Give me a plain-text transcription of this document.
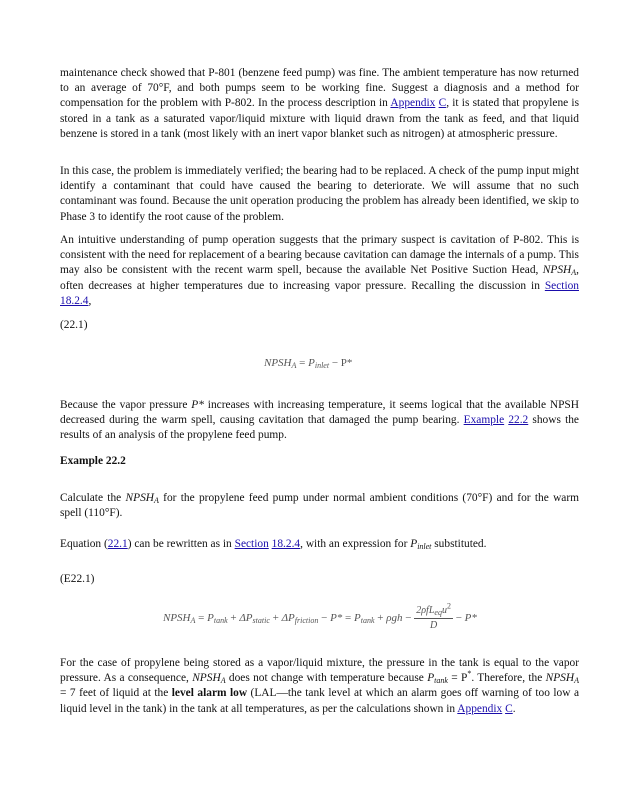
maintenance check showed that P-801 (benzene feed pump) was fine. The ambient temperature has now returned to an average of 70°F, and both pumps seem to be working fine. Suggest a diagnosis and a method for compensation for the problem with P-802. In the process description in Appendix C, it is stated that propylene is stored in a tank as a saturated vapor/liquid mixture with liquid drawn from the tank as feed, and that liquid benzene is stored in a tank (most likely with an inert vapor blanket such as nitrogen) at atmospheric pressure.

In this case, the problem is immediately verified; the bearing had to be replaced. A check of the pump input might identify a contaminant that could have caused the bearing to deteriorate. We will assume that no such contaminant was found. Because the unit operation producing the problem has already been identified, we skip to Phase 3 to identify the root cause of the problem.

An intuitive understanding of pump operation suggests that the primary suspect is cavitation of P-802. This is consistent with the need for replacement of a bearing because cavitation can damage the internals of a pump. This may also be consistent with the recent warm spell, because the available Net Positive Suction Head, $NPSH_A$, often decreases at higher temperatures due to increasing vapor pressure. Recalling the discussion in Section 18.2.4,

(22.1)

$NPSH_A = P_{inlet} - P*$

Because the vapor pressure P* increases with increasing temperature, it seems logical that the available NPSH decreased during the warm spell, causing cavitation that damaged the pump bearing. Example 22.2 shows the results of an analysis of the propylene feed pump.

Example 22.2

Calculate the $NPSH_A$ for the propylene feed pump under normal ambient conditions (70°F) and for the warm spell (110°F).

Equation (22.1) can be rewritten as in Section 18.2.4, with an expression for $P_{inlet}$ substituted.

(E22.1)

$NPSH_A = P_{tank} + \Delta P_{static} + \Delta P_{friction} - P* = P_{tank} + \rho gh - \frac{2\rho fL_{eq}u^2}{D} - P*$

For the case of propylene being stored as a vapor/liquid mixture, the pressure in the tank is equal to the vapor pressure. As a consequence, $NPSH_A$ does not change with temperature because $P_{tank} = P^*$. Therefore, the $NPSH_A = 7$ feet of liquid at the level alarm low (LAL—the tank level at which an alarm goes off warning of too low a liquid level in the tank) in the tank at all temperatures, as per the calculations shown in Appendix C.
